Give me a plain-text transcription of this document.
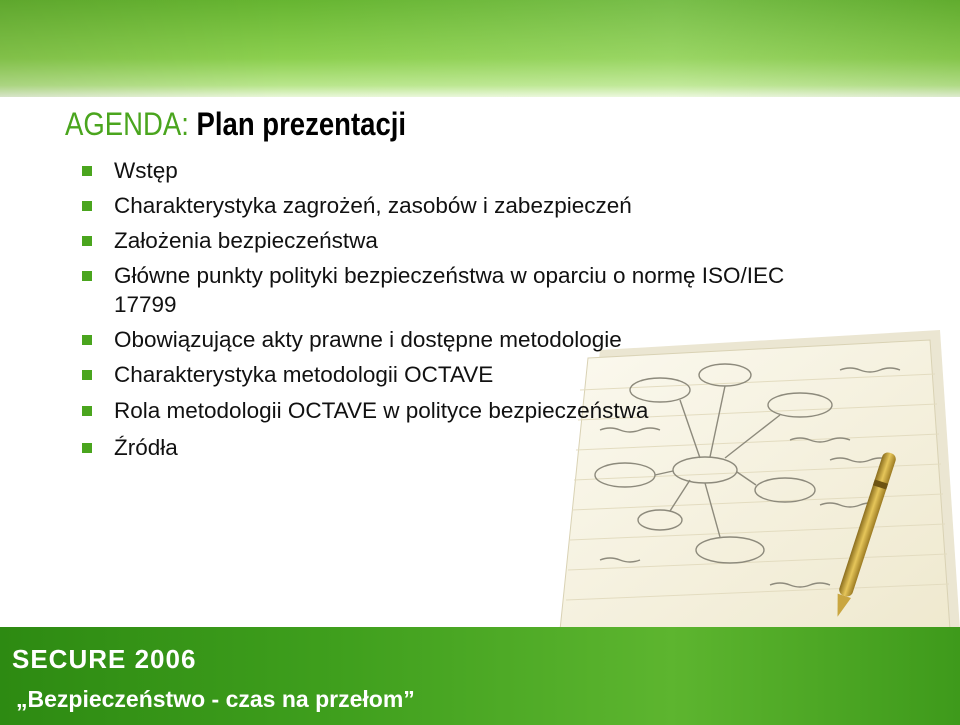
AGENDA: Plan prezentacji
Wstęp
Charakterystyka zagrożeń, zasobów i zabezpieczeń
Założenia bezpieczeństwa
Główne punkty polityki bezpieczeństwa w oparciu o normę ISO/IEC 17799
Obowiązujące akty prawne i dostępne metodologie
Charakterystyka metodologii OCTAVE
Rola metodologii OCTAVE w polityce bezpieczeństwa
Źródła
SECURE 2006
„Bezpieczeństwo - czas na przełom”
